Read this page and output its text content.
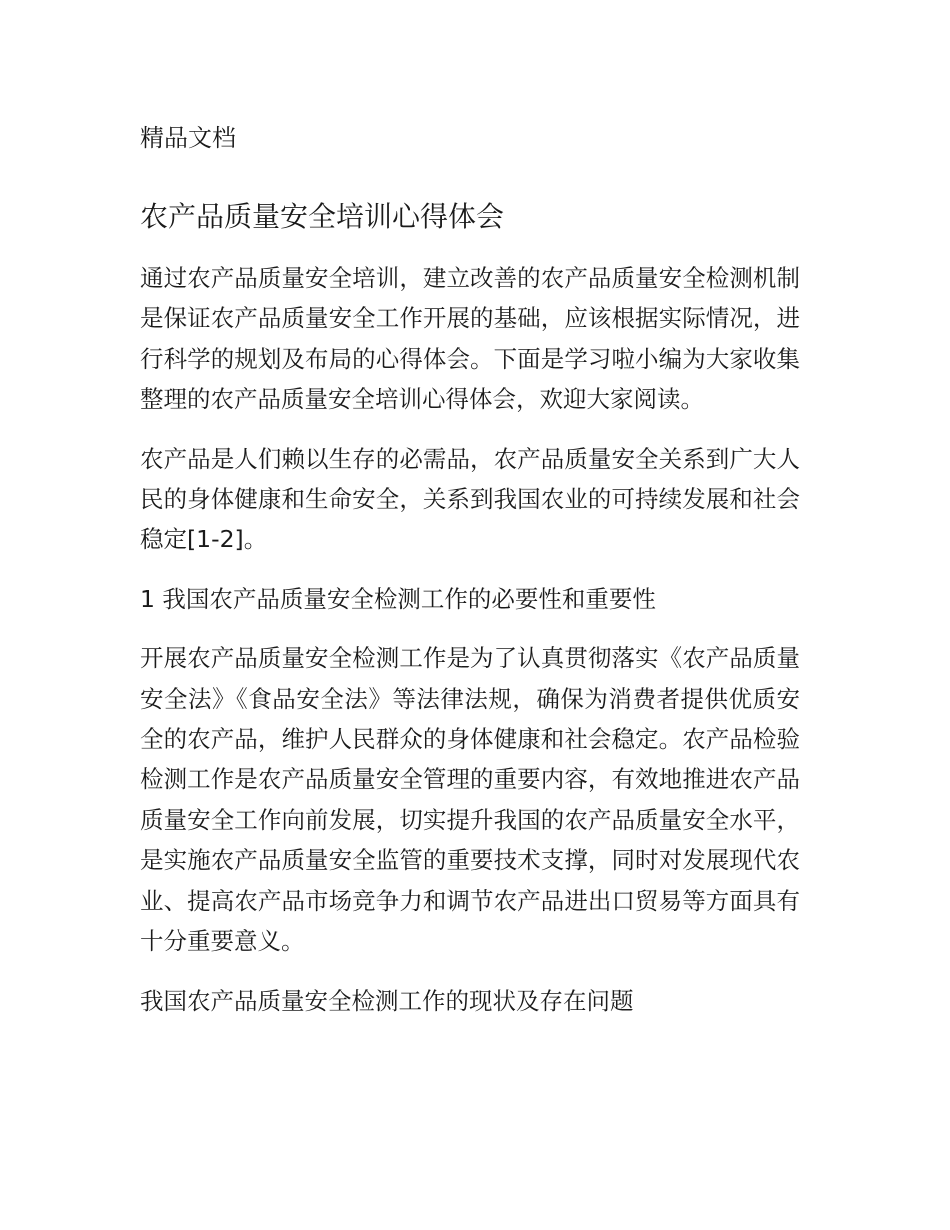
精品文档
农产品质量安全培训心得体会

通过农产品质量安全培训，建立改善的农产品质量安全检测机制是保证农产品质量安全工作开展的基础，应该根据实际情况，进行科学的规划及布局的心得体会。下面是学习啦小编为大家收集整理的农产品质量安全培训心得体会，欢迎大家阅读。

农产品是人们赖以生存的必需品，农产品质量安全关系到广大人民的身体健康和生命安全，关系到我国农业的可持续发展和社会稳定[1-2]。

1 我国农产品质量安全检测工作的必要性和重要性

开展农产品质量安全检测工作是为了认真贯彻落实《农产品质量安全法》《食品安全法》等法律法规，确保为消费者提供优质安全的农产品，维护人民群众的身体健康和社会稳定。农产品检验检测工作是农产品质量安全管理的重要内容，有效地推进农产品质量安全工作向前发展，切实提升我国的农产品质量安全水平，是实施农产品质量安全监管的重要技术支撑，同时对发展现代农业、提高农产品市场竞争力和调节农产品进出口贸易等方面具有十分重要意义。

我国农产品质量安全检测工作的现状及存在问题
